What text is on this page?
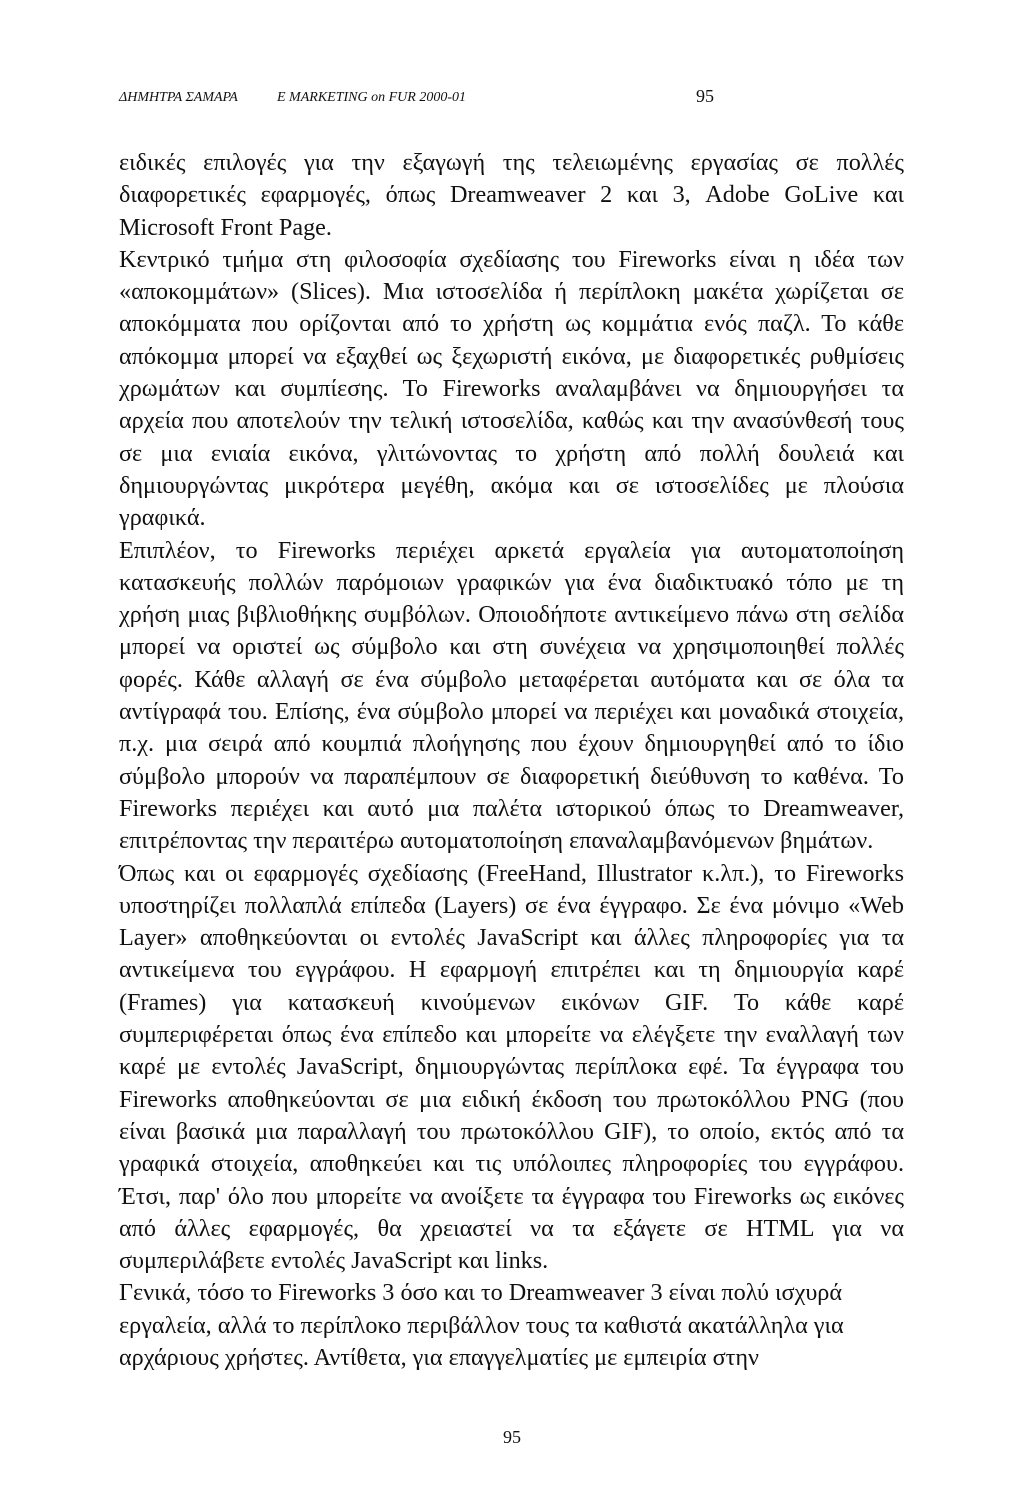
ΔΗΜΗΤΡΑ ΣΑΜΑΡΑ	E MARKETING on FUR 2000-01	95

ειδικές επιλογές για την εξαγωγή της τελειωμένης εργασίας σε πολλές διαφορετικές εφαρμογές, όπως Dreamweaver 2 και 3, Adobe GoLive και Microsoft Front Page.

Κεντρικό τμήμα στη φιλοσοφία σχεδίασης του Fireworks είναι η ιδέα των «αποκομμάτων» (Slices). Μια ιστοσελίδα ή περίπλοκη μακέτα χωρίζεται σε αποκόμματα που ορίζονται από το χρήστη ως κομμάτια ενός παζλ. Το κάθε απόκομμα μπορεί να εξαχθεί ως ξεχωριστή εικόνα, με διαφορετικές ρυθμίσεις χρωμάτων και συμπίεσης. Το Fireworks αναλαμβάνει να δημιουργήσει τα αρχεία που αποτελούν την τελική ιστοσελίδα, καθώς και την ανασύνθεσή τους σε μια ενιαία εικόνα, γλιτώνοντας το χρήστη από πολλή δουλειά και δημιουργώντας μικρότερα μεγέθη, ακόμα και σε ιστοσελίδες με πλούσια γραφικά.

Επιπλέον, το Fireworks περιέχει αρκετά εργαλεία για αυτοματοποίηση κατασκευής πολλών παρόμοιων γραφικών για ένα διαδικτυακό τόπο με τη χρήση μιας βιβλιοθήκης συμβόλων. Οποιοδήποτε αντικείμενο πάνω στη σελίδα μπορεί να οριστεί ως σύμβολο και στη συνέχεια να χρησιμοποιηθεί πολλές φορές. Κάθε αλλαγή σε ένα σύμβολο μεταφέρεται αυτόματα και σε όλα τα αντίγραφά του. Επίσης, ένα σύμβολο μπορεί να περιέχει και μοναδικά στοιχεία, π.χ. μια σειρά από κουμπιά πλοήγησης που έχουν δημιουργηθεί από το ίδιο σύμβολο μπορούν να παραπέμπουν σε διαφορετική διεύθυνση το καθένα. Το Fireworks περιέχει και αυτό μια παλέτα ιστορικού όπως το Dreamweaver, επιτρέποντας την περαιτέρω αυτοματοποίηση επαναλαμβανόμενων βημάτων.

Όπως και οι εφαρμογές σχεδίασης (FreeHand, Illustrator κ.λπ.), το Fireworks υποστηρίζει πολλαπλά επίπεδα (Layers) σε ένα έγγραφο. Σε ένα μόνιμο «Web Layer» αποθηκεύονται οι εντολές JavaScript και άλλες πληροφορίες για τα αντικείμενα του εγγράφου. Η εφαρμογή επιτρέπει και τη δημιουργία καρέ (Frames) για κατασκευή κινούμενων εικόνων GIF. Το κάθε καρέ συμπεριφέρεται όπως ένα επίπεδο και μπορείτε να ελέγξετε την εναλλαγή των καρέ με εντολές JavaScript, δημιουργώντας περίπλοκα εφέ. Τα έγγραφα του Fireworks αποθηκεύονται σε μια ειδική έκδοση του πρωτοκόλλου PNG (που είναι βασικά μια παραλλαγή του πρωτοκόλλου GIF), το οποίο, εκτός από τα γραφικά στοιχεία, αποθηκεύει και τις υπόλοιπες πληροφορίες του εγγράφου. Έτσι, παρ' όλο που μπορείτε να ανοίξετε τα έγγραφα του Fireworks ως εικόνες από άλλες εφαρμογές, θα χρειαστεί να τα εξάγετε σε HTML για να συμπεριλάβετε εντολές JavaScript και links.

Γενικά, τόσο το Fireworks 3 όσο και το Dreamweaver 3 είναι πολύ ισχυρά εργαλεία, αλλά το περίπλοκο περιβάλλον τους τα καθιστά ακατάλληλα για αρχάριους χρήστες. Αντίθετα, για επαγγελματίες με εμπειρία στην

95
